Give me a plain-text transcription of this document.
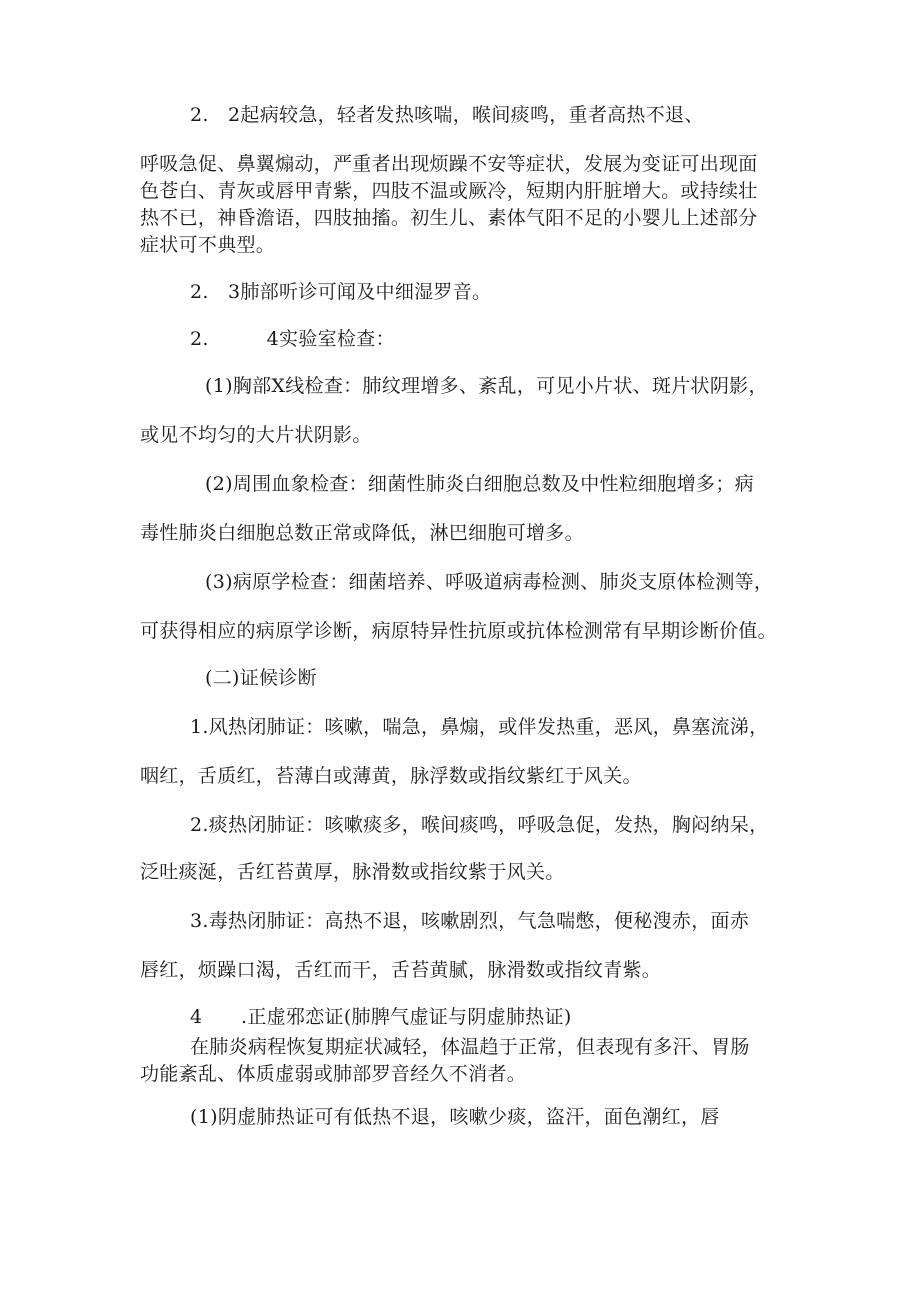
2.　2起病较急，轻者发热咳喘，喉间痰鸣，重者高热不退、
呼吸急促、鼻翼煽动，严重者出现烦躁不安等症状，发展为变证可出现面
色苍白、青灰或唇甲青紫，四肢不温或厥冷，短期内肝脏增大。或持续壮
热不已，神昏澹语，四肢抽搐。初生儿、素体气阳不足的小婴儿上述部分
症状可不典型。
2.　3肺部听诊可闻及中细湿罗音。
2.　　　4实验室检查：
(1)胸部X线检查：肺纹理增多、紊乱，可见小片状、斑片状阴影，
或见不均匀的大片状阴影。
(2)周围血象检查：细菌性肺炎白细胞总数及中性粒细胞增多；病
毒性肺炎白细胞总数正常或降低，淋巴细胞可增多。
(3)病原学检查：细菌培养、呼吸道病毒检测、肺炎支原体检测等，
可获得相应的病原学诊断，病原特异性抗原或抗体检测常有早期诊断价值。
(二)证候诊断
1.风热闭肺证：咳嗽，喘急，鼻煽，或伴发热重，恶风，鼻塞流涕，
咽红，舌质红，苔薄白或薄黄，脉浮数或指纹紫红于风关。
2.痰热闭肺证：咳嗽痰多，喉间痰鸣，呼吸急促，发热，胸闷纳呆，
泛吐痰涎，舌红苔黄厚，脉滑数或指纹紫于风关。
3.毒热闭肺证：高热不退，咳嗽剧烈，气急喘憋，便秘溲赤，面赤
唇红，烦躁口渴，舌红而干，舌苔黄腻，脉滑数或指纹青紫。
4　　.正虚邪恋证(肺脾气虚证与阴虚肺热证)
在肺炎病程恢复期症状减轻，体温趋于正常，但表现有多汗、胃肠
功能紊乱、体质虚弱或肺部罗音经久不消者。
(1)阴虚肺热证可有低热不退，咳嗽少痰，盗汗，面色潮红，唇
